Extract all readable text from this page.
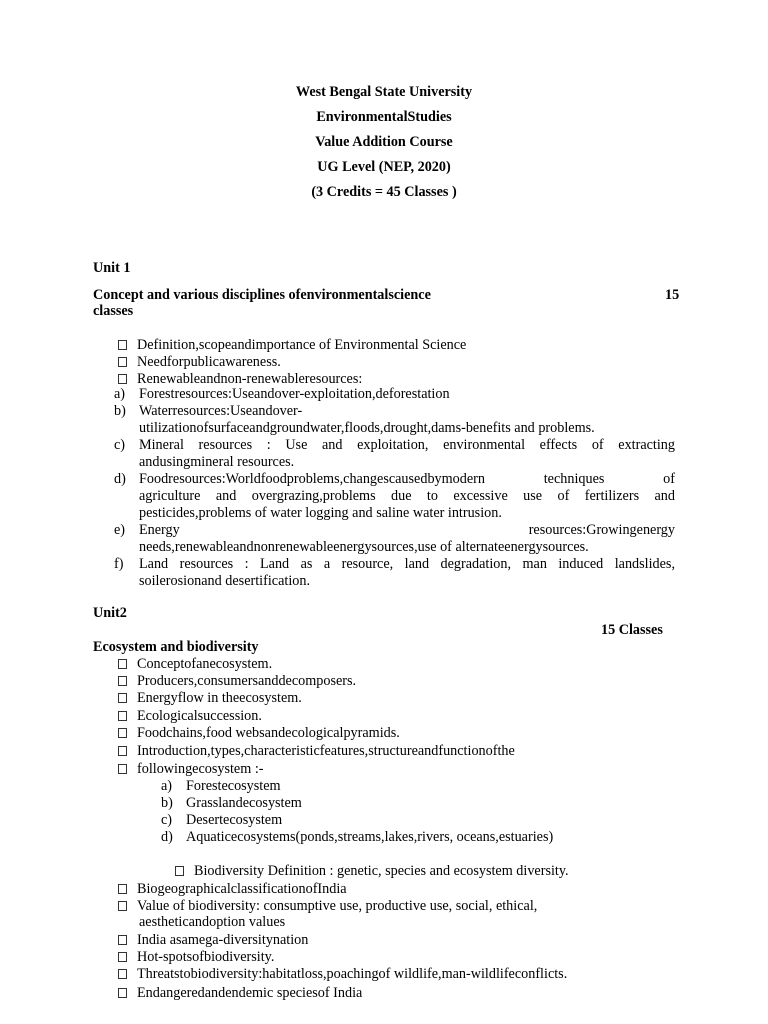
West Bengal State University
EnvironmentalStudies
Value Addition Course
UG Level (NEP, 2020)
(3 Credits = 45 Classes )
Unit 1
Concept and various disciplines ofenvironmentalscience	15
classes
Definition,scopeandimportance of Environmental Science
Needforpublicawareness.
Renewableandnon-renewableresources:
a) Forestresources:Useandover-exploitation,deforestation
b) Waterresources:Useandover-
utilizationofsurfaceandgroundwater,floods,drought,dams-benefits and problems.
c) Mineral resources : Use and exploitation, environmental effects of extracting
andusingmineral resources.
d) Foodresources:Worldfoodproblems,changescausedbymodern techniques of
agriculture and overgrazing,problems due to excessive use of fertilizers and
pesticides,problems of water logging and saline water intrusion.
e) Energy resources:Growingenergy
needs,renewableandnonrenewableenergysources,use of alternateenergysources.
f) Land resources : Land as a resource, land degradation, man induced landslides,
soilerosionand desertification.
Unit2
15 Classes
Ecosystem and biodiversity
Conceptofanecosystem.
Producers,consumersanddecomposers.
Energyflow in theecosystem.
Ecologicalsuccession.
Foodchains,food websandecologicalpyramids.
Introduction,types,characteristicfeatures,structureandfunctionofthe
followingecosystem :-
a) Forestecosystem
b) Grasslandecosystem
c) Desertecosystem
d) Aquaticecosystems(ponds,streams,lakes,rivers, oceans,estuaries)
Biodiversity Definition : genetic, species and ecosystem diversity.
BiogeographicalclassificationofIndia
Value of biodiversity: consumptive use, productive use, social, ethical,
aestheticandoption values
India asamega-diversitynation
Hot-spotsofbiodiversity.
Threatstobiodiversity:habitatloss,poachingof wildlife,man-wildlifeconflicts.
Endangeredandendemic speciesof India
